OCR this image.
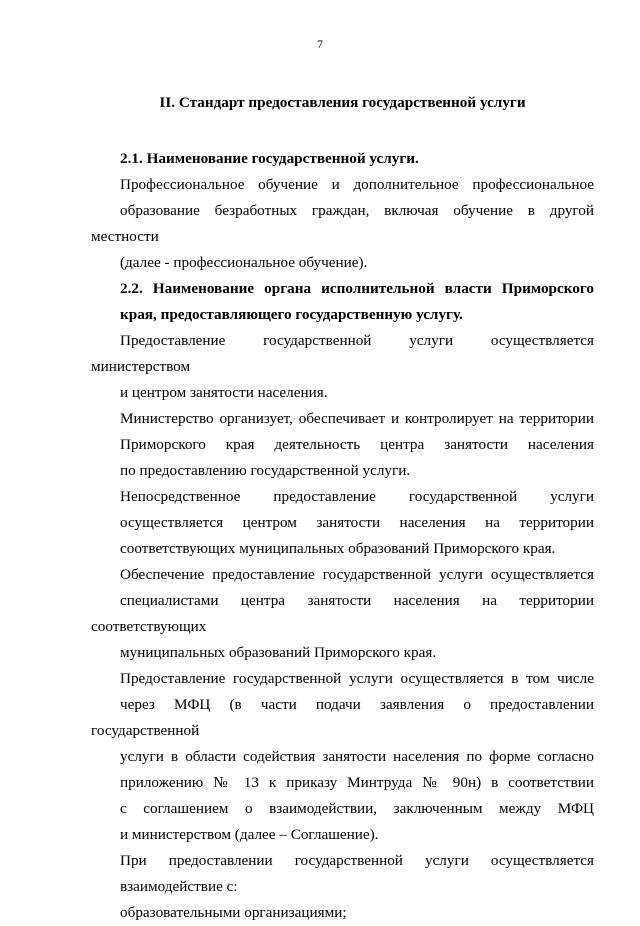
7
II. Стандарт предоставления государственной услуги
2.1. Наименование государственной услуги.
Профессиональное обучение и дополнительное профессиональное
образование безработных граждан, включая обучение в другой местности
(далее - профессиональное обучение).
2.2. Наименование органа исполнительной власти Приморского
края, предоставляющего государственную услугу.
Предоставление государственной услуги осуществляется министерством
и центром занятости населения.
Министерство организует, обеспечивает и контролирует на территории
Приморского края деятельность центра занятости населения
по предоставлению государственной услуги.
Непосредственное предоставление государственной услуги
осуществляется центром занятости населения на территории
соответствующих муниципальных образований Приморского края.
Обеспечение предоставление государственной услуги осуществляется
специалистами центра занятости населения на территории соответствующих
муниципальных образований Приморского края.
Предоставление государственной услуги осуществляется в том числе
через МФЦ (в части подачи заявления о предоставлении государственной
услуги в области содействия занятости населения по форме согласно
приложению № 13 к приказу Минтруда № 90н) в соответствии
с соглашением о взаимодействии, заключенным между МФЦ
и министерством (далее – Соглашение).
При предоставлении государственной услуги осуществляется
взаимодействие с:
образовательными организациями;
